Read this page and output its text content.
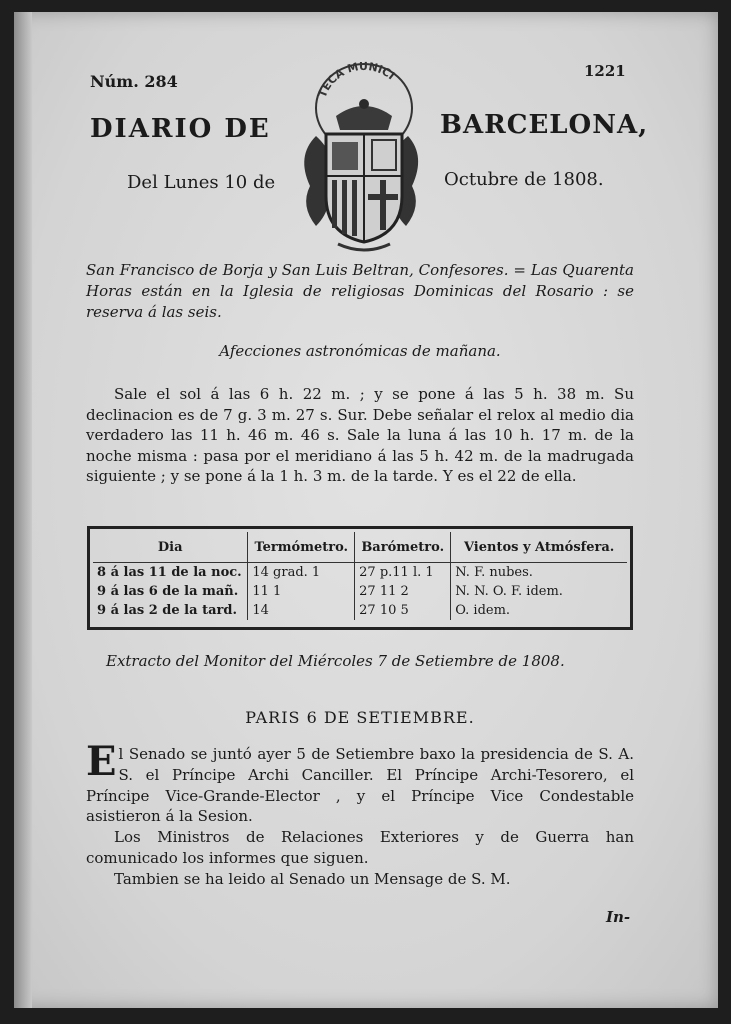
Núm. 284
1221
DIARIO DE	BARCELONA,
Del Lunes 10 de	Octubre de 1808.
TECA MUNICI
San Francisco de Borja y San Luis Beltran, Confesores. = Las Quarenta Horas están en la Iglesia de religiosas Dominicas del Rosario : se reserva á las seis.
Afecciones astronómicas de mañana.
Sale el sol á las 6 h. 22 m. ; y se pone á las 5 h. 38 m. Su declinacion es de 7 g. 3 m. 27 s. Sur. Debe señalar el relox al medio dia verdadero las 11 h. 46 m. 46 s. Sale la luna á las 10 h. 17 m. de la noche misma : pasa por el meridiano á las 5 h. 42 m. de la madrugada siguiente ; y se pone á la 1 h. 3 m. de la tarde. Y es el 22 de ella.
Dia	Termómetro.	Barómetro.	Vientos y Atmósfera.
8 á las 11 de la noc.	14 grad. 1	27 p.11 l. 1	N. F. nubes.
9 á las 6 de la mañ.	11 1	27 11 2	N. N. O. F. idem.
9 á las 2 de la tard.	14	27 10 5	O. idem.
Extracto del Monitor del Miércoles 7 de Setiembre de 1808.
PARIS 6 DE SETIEMBRE.

El Senado se juntó ayer 5 de Setiembre baxo la presidencia de S. A. S. el Príncipe Archi Canciller. El Príncipe Archi-Tesorero, el Príncipe Vice-Grande-Elector , y el Príncipe Vice Condestable asistieron á la Sesion.

Los Ministros de Relaciones Exteriores y de Guerra han comunicado los informes que siguen.

Tambien se ha leido al Senado un Mensage de S. M.

In-
